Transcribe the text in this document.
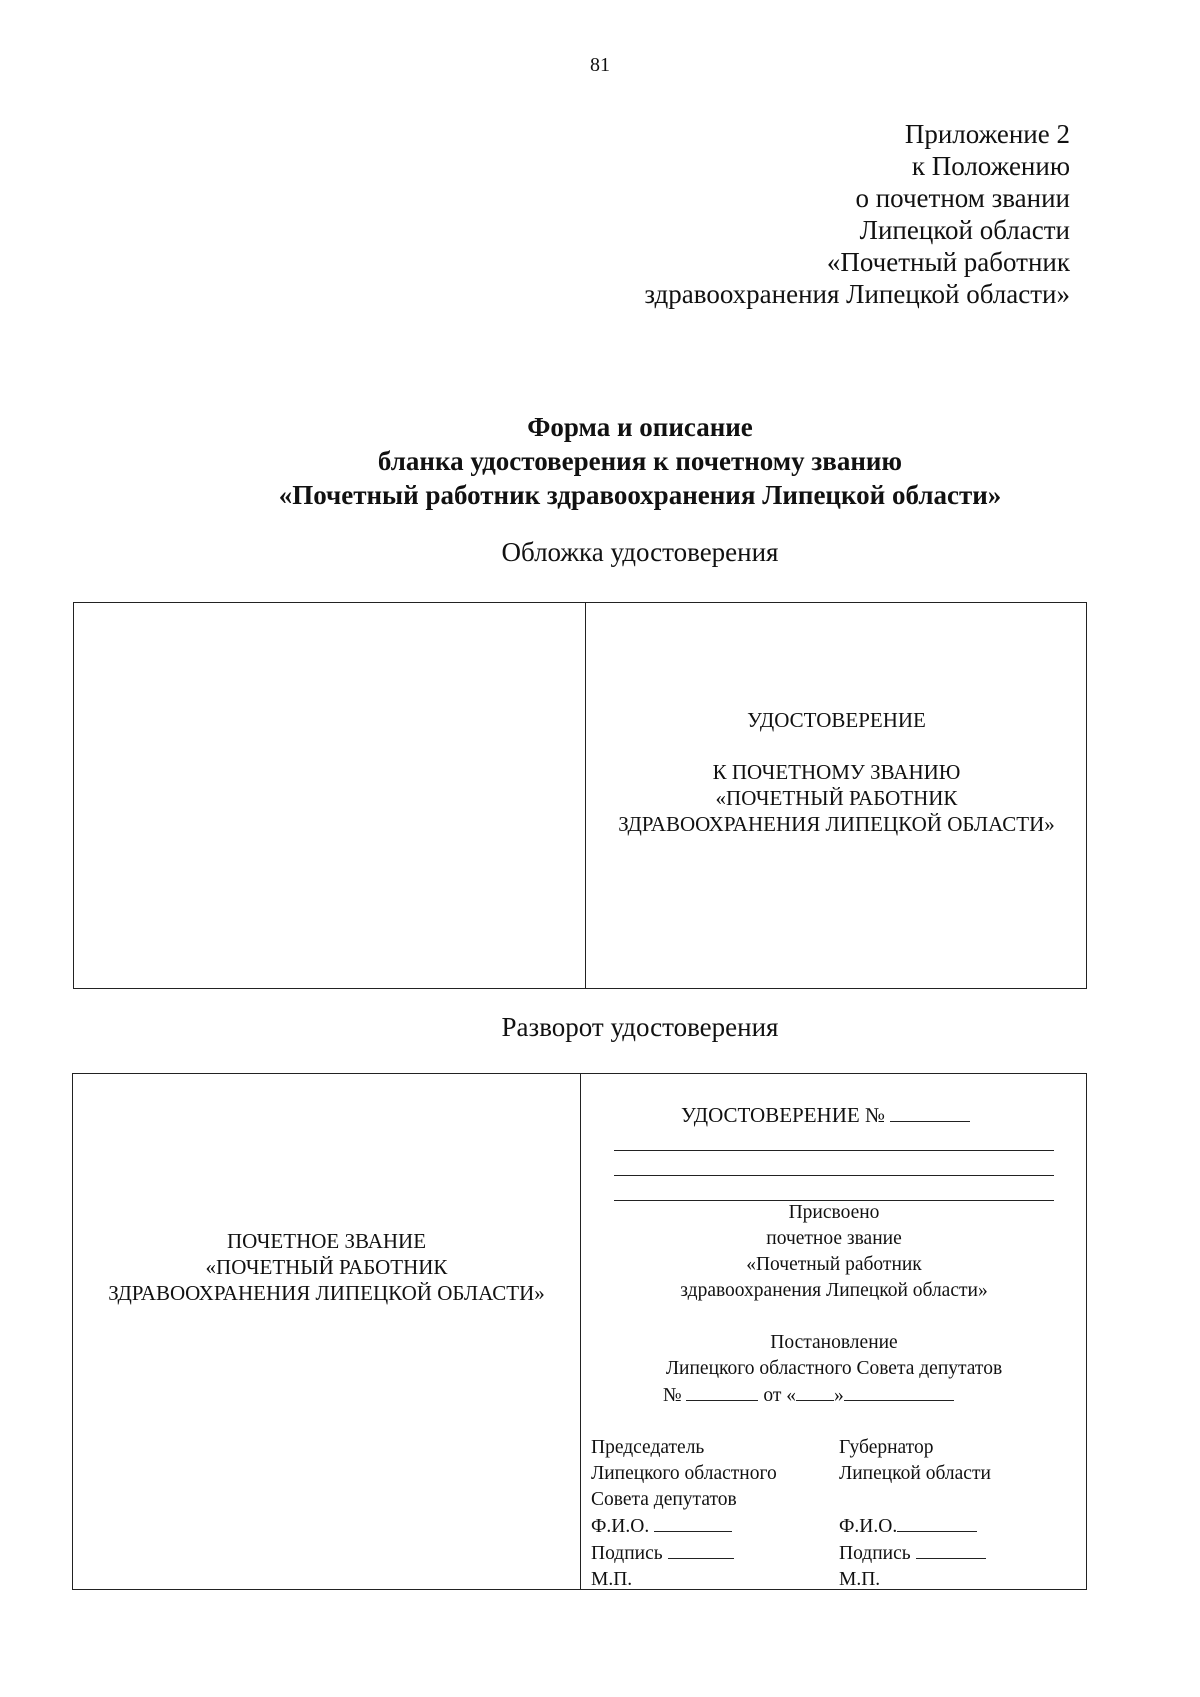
81
Приложение 2
к Положению
о почетном звании
Липецкой области
«Почетный работник
здравоохранения Липецкой области»
Форма и описание
бланка удостоверения к почетному званию
«Почетный работник здравоохранения Липецкой области»
Обложка удостоверения
УДОСТОВЕРЕНИЕ
К ПОЧЕТНОМУ ЗВАНИЮ
«ПОЧЕТНЫЙ РАБОТНИК
ЗДРАВООХРАНЕНИЯ ЛИПЕЦКОЙ ОБЛАСТИ»
Разворот удостоверения
ПОЧЕТНОЕ ЗВАНИЕ
«ПОЧЕТНЫЙ РАБОТНИК
ЗДРАВООХРАНЕНИЯ ЛИПЕЦКОЙ ОБЛАСТИ»
УДОСТОВЕРЕНИЕ №
Присвоено
почетное звание
«Почетный работник
здравоохранения Липецкой области»
Постановление
Липецкого областного Совета депутатов
№	от « »
Председатель
Липецкого областного
Совета депутатов
Ф.И.О.
Подпись
М.П.
Губернатор
Липецкой области

Ф.И.О.
Подпись
М.П.
